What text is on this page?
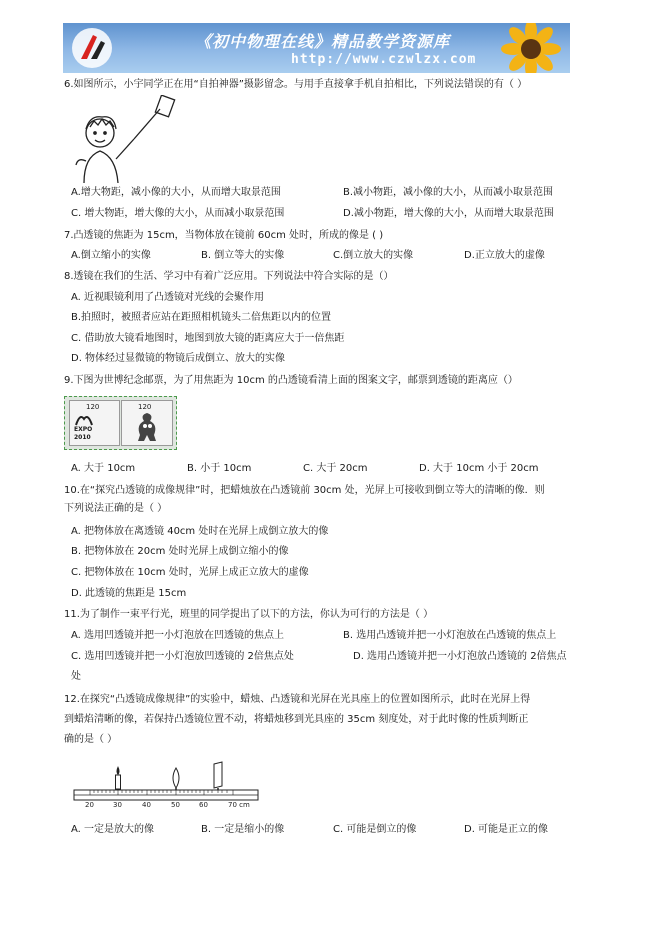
《初中物理在线》精品教学资源库
http://www.czwlzx.com
6.如图所示，小宇同学正在用“自拍神器”摄影留念。与用手直接拿手机自拍相比，下列说法错误的有（ ）
A.增大物距，减小像的大小，从而增大取景范围	B.减小物距，减小像的大小，从而减小取景范围
C. 增大物距，增大像的大小，从而减小取景范围	D.减小物距，增大像的大小，从而增大取景范围
7.凸透镜的焦距为 15cm，当物体放在镜前 60cm 处时，所成的像是 ( )
A.倒立缩小的实像	B. 倒立等大的实像	C.倒立放大的实像	D.正立放大的虚像
8.透镜在我们的生活、学习中有着广泛应用。下列说法中符合实际的是（）
A. 近视眼镜利用了凸透镜对光线的会聚作用
B.拍照时，被照者应站在距照相机镜头二倍焦距以内的位置
C. 借助放大镜看地图时，地图到放大镜的距离应大于一倍焦距
D. 物体经过显微镜的物镜后成倒立、放大的实像
9.下图为世博纪念邮票，为了用焦距为 10cm 的凸透镜看清上面的图案文字，邮票到透镜的距离应（）
120
EXPO
2010
120
A. 大于 10cm	B. 小于 10cm	C. 大于 20cm	D. 大于 10cm 小于 20cm
10.在“探究凸透镜的成像规律”时，把蜡烛放在凸透镜前 30cm 处，光屏上可接收到倒立等大的清晰的像．则
下列说法正确的是（ ）
A. 把物体放在离透镜 40cm 处时在光屏上成倒立放大的像
B. 把物体放在 20cm 处时光屏上成倒立缩小的像
C. 把物体放在 10cm 处时，光屏上成正立放大的虚像
D. 此透镜的焦距是 15cm
11.为了制作一束平行光，班里的同学提出了以下的方法，你认为可行的方法是（ ）
A. 选用凹透镜并把一小灯泡放在凹透镜的焦点上	B. 选用凸透镜并把一小灯泡放在凸透镜的焦点上
C. 选用凹透镜并把一小灯泡放凹透镜的 2倍焦点处	D. 选用凸透镜并把一小灯泡放凸透镜的 2倍焦点
处
12.在探究“凸透镜成像规律”的实验中，蜡烛、凸透镜和光屏在光具座上的位置如图所示，此时在光屏上得
到蜡焰清晰的像，若保持凸透镜位置不动，将蜡烛移到光具座的 35cm 刻度处，对于此时像的性质判断正
确的是（ ）
20	30	40	50	60	70 cm
A. 一定是放大的像	B. 一定是缩小的像	C. 可能是倒立的像	D. 可能是正立的像
